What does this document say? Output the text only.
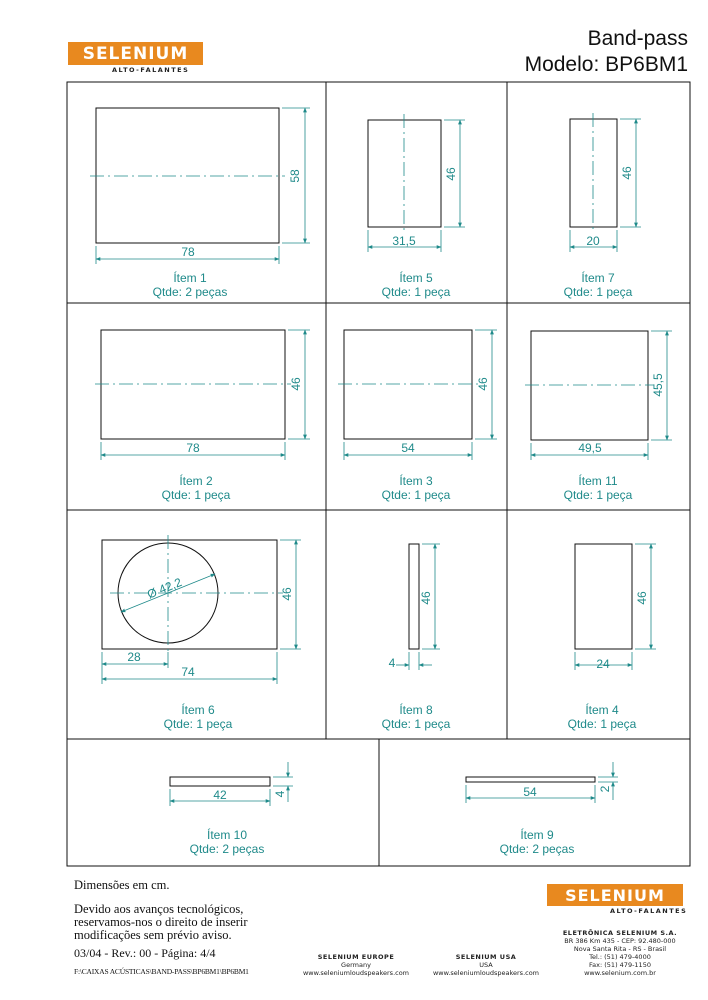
SELENIUM
ALTO-FALANTES
Band-pass
Modelo: BP6BM1
78
58
31,5
46
20
46
78
46
54
46
49,5
45,5
28
74
46
Ø 42,2
4
46
24
46
42	4	54	2
Ítem 1
Qtde: 2 peças
Ítem 5
Qtde: 1 peça
Ítem 7
Qtde: 1 peça
Ítem 2
Qtde: 1 peça
Ítem 3
Qtde: 1 peça
Ítem 11
Qtde: 1 peça
Ítem 6
Qtde: 1 peça
Ítem 8
Qtde: 1 peça
Ítem 4
Qtde: 1 peça
Ítem 10
Qtde: 2 peças
Ítem 9
Qtde: 2 peças
Dimensões em cm.
Devido aos avanços tecnológicos,
reservamos-nos o direito de inserir
modificações sem prévio aviso.
03/04 - Rev.: 00 - Página: 4/4
F:\CAIXAS ACÚSTICAS\BAND-PASS\BP6BM1\BP6BM1
SELENIUM EUROPE
Germany
www.seleniumloudspeakers.com
SELENIUM USA
USA
www.seleniumloudspeakers.com
SELENIUM
ALTO-FALANTES
ELETRÔNICA SELENIUM S.A.
BR 386 Km 435 - CEP: 92.480-000
Nova Santa Rita - RS - Brasil
Tel.: (51) 479-4000
Fax: (51) 479-1150
www.selenium.com.br
